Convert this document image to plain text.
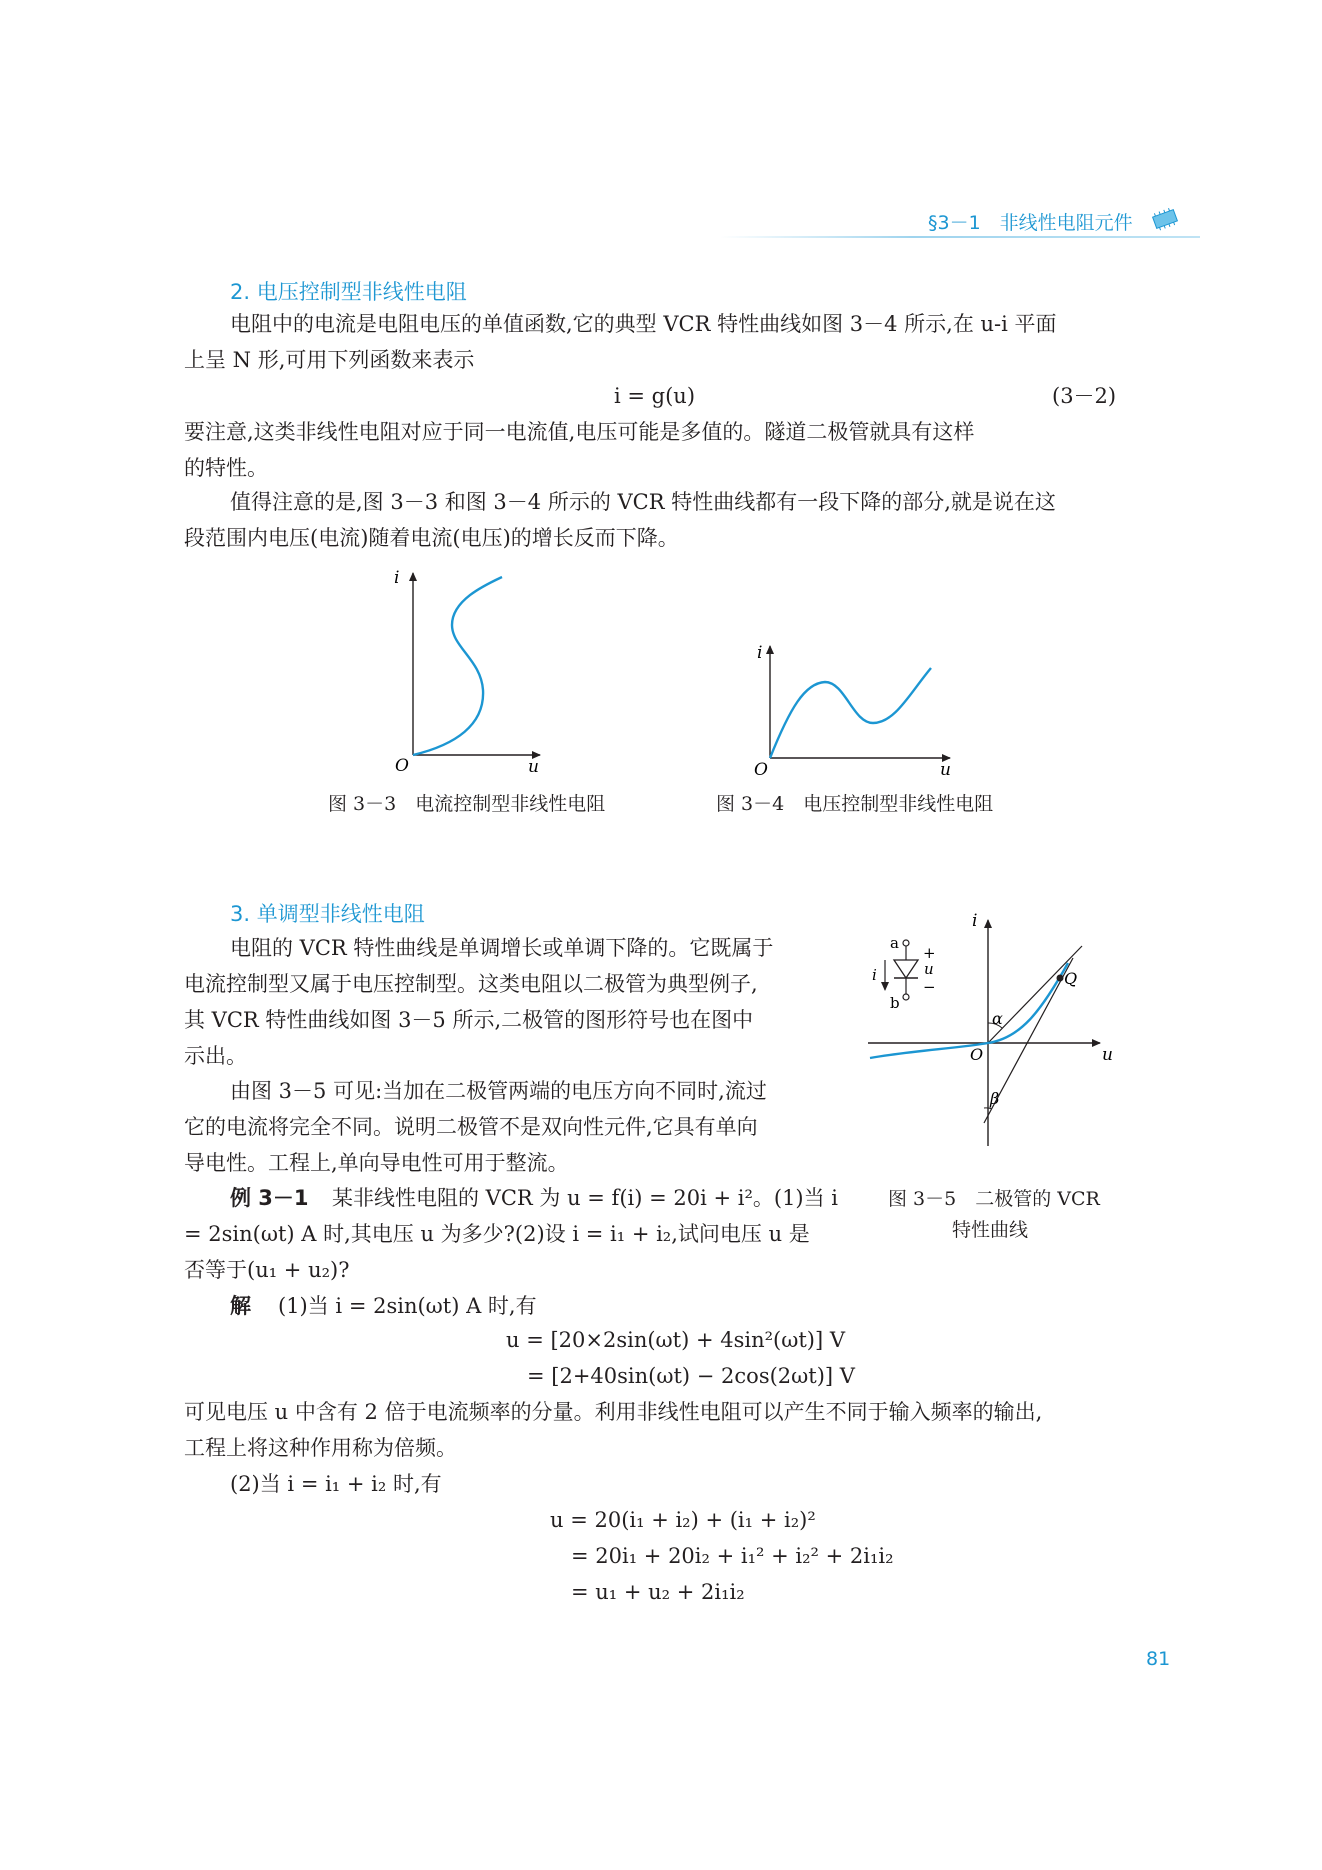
§3－1　非线性电阻元件
2. 电压控制型非线性电阻
电阻中的电流是电阻电压的单值函数,它的典型 VCR 特性曲线如图 3－4 所示,在 u-i 平面
上呈 N 形,可用下列函数来表示
i = g(u)	(3－2)
要注意,这类非线性电阻对应于同一电流值,电压可能是多值的。隧道二极管就具有这样
的特性。
值得注意的是,图 3－3 和图 3－4 所示的 VCR 特性曲线都有一段下降的部分,就是说在这
段范围内电压(电流)随着电流(电压)的增长反而下降。
i
O	u
图 3－3　电流控制型非线性电阻
i
O	u
图 3－4　电压控制型非线性电阻
3. 单调型非线性电阻
电阻的 VCR 特性曲线是单调增长或单调下降的。它既属于
电流控制型又属于电压控制型。这类电阻以二极管为典型例子,
其 VCR 特性曲线如图 3－5 所示,二极管的图形符号也在图中
示出。
由图 3－5 可见:当加在二极管两端的电压方向不同时,流过
它的电流将完全不同。说明二极管不是双向性元件,它具有单向
导电性。工程上,单向导电性可用于整流。
i
O	u
Q
α
β
a
b
i	u
+
−
图 3－5　二极管的 VCR
特性曲线
例 3－1 某非线性电阻的 VCR 为 u = f(i) = 20i + i²。(1)当 i
= 2sin(ωt) A 时,其电压 u 为多少?(2)设 i = i₁ + i₂,试问电压 u 是
否等于(u₁ + u₂)?
解 (1)当 i = 2sin(ωt) A 时,有
u = [20×2sin(ωt) + 4sin²(ωt)] V
= [2+40sin(ωt) − 2cos(2ωt)] V
可见电压 u 中含有 2 倍于电流频率的分量。利用非线性电阻可以产生不同于输入频率的输出,
工程上将这种作用称为倍频。
(2)当 i = i₁ + i₂ 时,有
u = 20(i₁ + i₂) + (i₁ + i₂)²
= 20i₁ + 20i₂ + i₁² + i₂² + 2i₁i₂
= u₁ + u₂ + 2i₁i₂
81
